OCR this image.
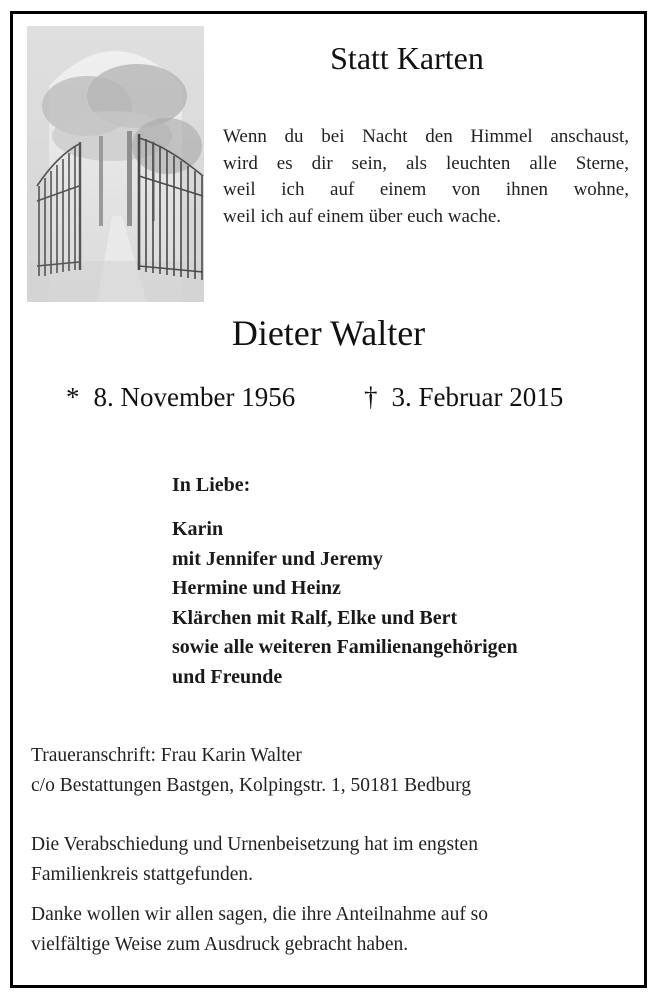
Statt Karten
Wenn du bei Nacht den Himmel anschaust,
wird es dir sein, als leuchten alle Sterne,
weil ich auf einem von ihnen wohne,
weil ich auf einem über euch wache.
Dieter Walter
* 8. November 1956	† 3. Februar 2015
In Liebe:
Karin
mit Jennifer und Jeremy
Hermine und Heinz
Klärchen mit Ralf, Elke und Bert
sowie alle weiteren Familienangehörigen
und Freunde
Traueranschrift: Frau Karin Walter
c/o Bestattungen Bastgen, Kolpingstr. 1, 50181 Bedburg
Die Verabschiedung und Urnenbeisetzung hat im engsten
Familienkreis stattgefunden.
Danke wollen wir allen sagen, die ihre Anteilnahme auf so
vielfältige Weise zum Ausdruck gebracht haben.
